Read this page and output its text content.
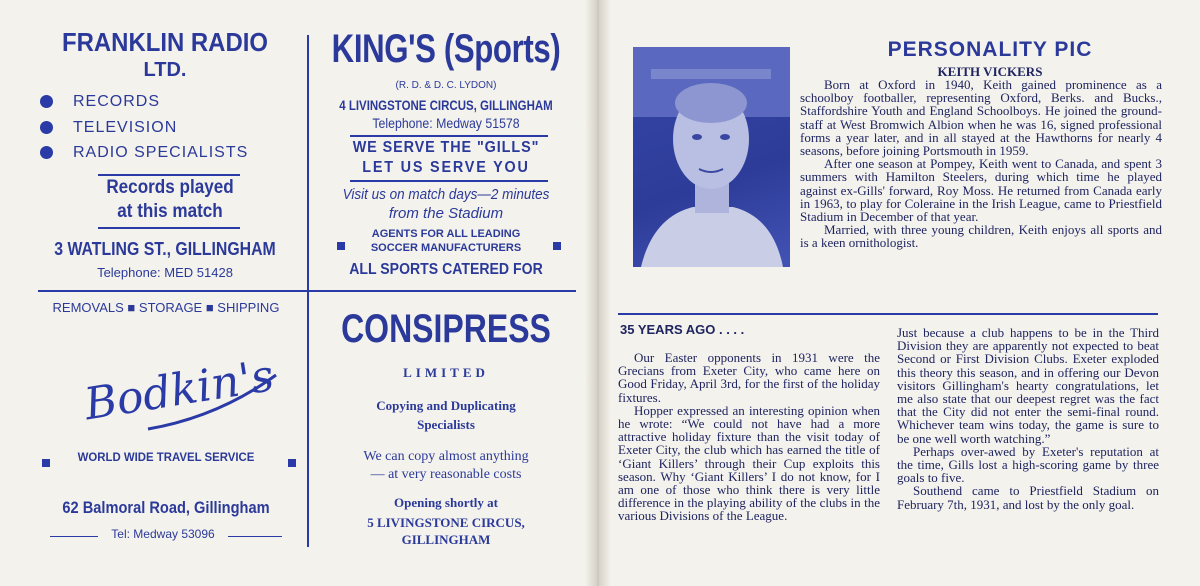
FRANKLIN RADIO
LTD.
RECORDS
TELEVISION
RADIO SPECIALISTS
Records played
at this match
3 WATLING ST., GILLINGHAM
Telephone: MED 51428
KING'S (Sports)
(R. D. & D. C. LYDON)
4 LIVINGSTONE CIRCUS, GILLINGHAM
Telephone: Medway 51578
WE SERVE THE "GILLS"
LET US SERVE YOU
Visit us on match days—2 minutes
from the Stadium
AGENTS FOR ALL LEADING
SOCCER MANUFACTURERS
ALL SPORTS CATERED FOR
REMOVALS ■ STORAGE ■ SHIPPING
Bodkin's
WORLD WIDE TRAVEL SERVICE
62 Balmoral Road, Gillingham
Tel: Medway 53096
CONSIPRESS
LIMITED
Copying and Duplicating
Specialists
We can copy almost anything
— at very reasonable costs
Opening shortly at
5 LIVINGSTONE CIRCUS,
GILLINGHAM
PERSONALITY PIC
KEITH VICKERS

Born at Oxford in 1940, Keith gained prominence as a schoolboy footballer, representing Oxford, Berks. and Bucks., Staffordshire Youth and England Schoolboys. He joined the ground-staff at West Bromwich Albion when he was 16, signed professional forms a year later, and in all stayed at the Hawthorns for nearly 4 seasons, before joining Portsmouth in 1959.

After one season at Pompey, Keith went to Canada, and spent 3 summers with Hamilton Steelers, during which time he played against ex-Gills' forward, Roy Moss. He returned from Canada early in 1963, to play for Coleraine in the Irish League, came to Priestfield Stadium in December of that year.

Married, with three young children, Keith enjoys all sports and is a keen ornithologist.

35 YEARS AGO . . . .

Our Easter opponents in 1931 were the Grecians from Exeter City, who came here on Good Friday, April 3rd, for the first of the holiday fixtures.

Hopper expressed an interesting opinion when he wrote: “We could not have had a more attractive holiday fixture than the visit today of Exeter City, the club which has earned the title of ‘Giant Killers’ through their Cup exploits this season. Why ‘Giant Killers’ I do not know, for I am one of those who think there is very little difference in the playing ability of the clubs in the various Divisions of the League.

Just because a club happens to be in the Third Division they are apparently not expected to beat Second or First Division Clubs. Exeter exploded this theory this season, and in offering our Devon visitors Gillingham's hearty congratulations, let me also state that our deepest regret was the fact that the City did not enter the semi-final round. Whichever team wins today, the game is sure to be one well worth watching.”

Perhaps over-awed by Exeter's reputation at the time, Gills lost a high-scoring game by three goals to five.

Southend came to Priestfield Stadium on February 7th, 1931, and lost by the only goal.
